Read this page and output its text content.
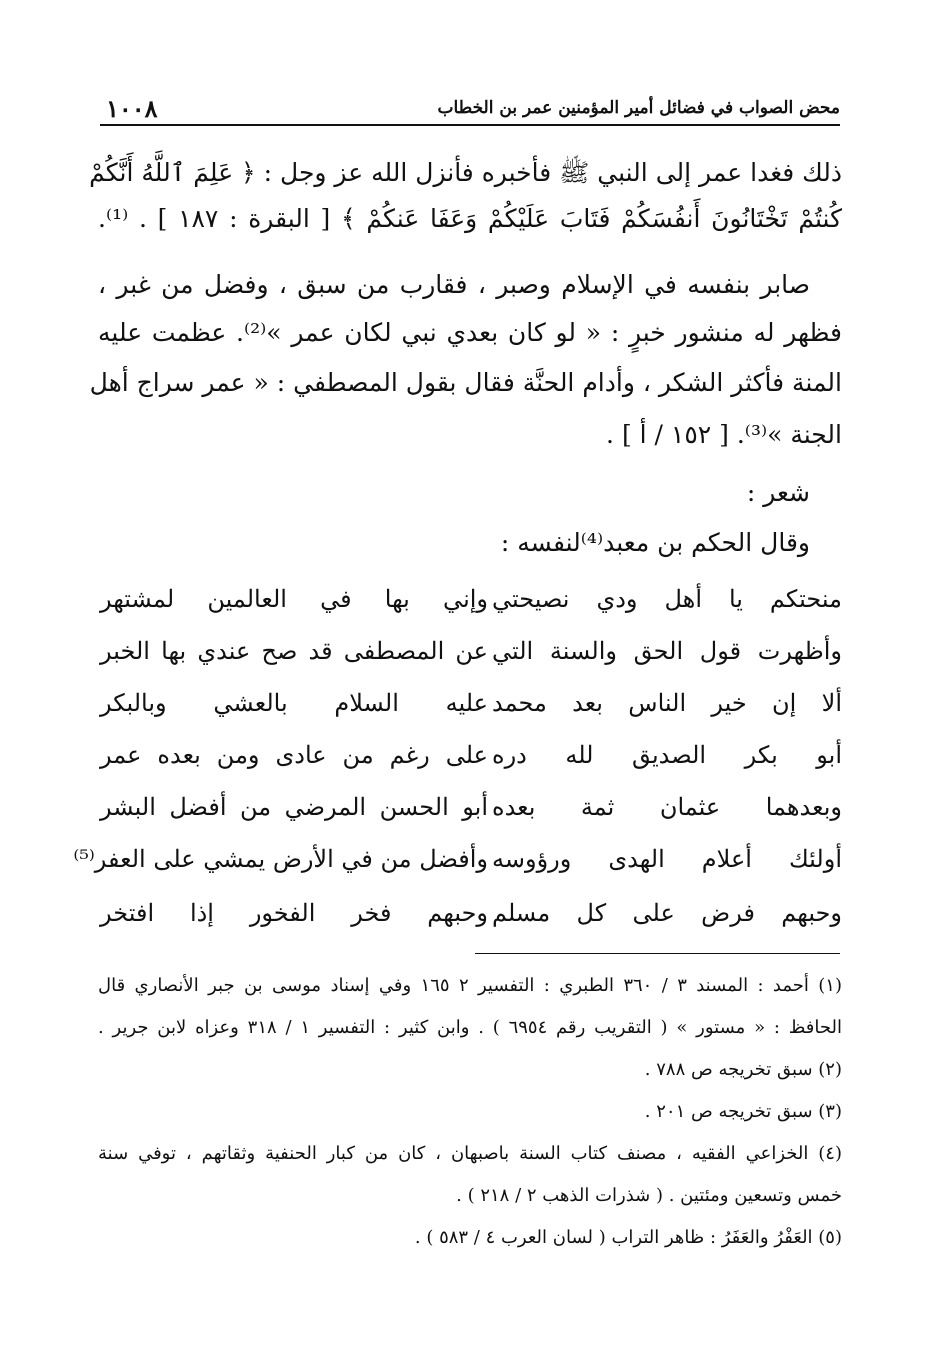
محض الصواب في فضائل أمير المؤمنين عمر بن الخطاب
١٠٠٨
ذلك فغدا عمر إلى النبي ﷺ فأخبره فأنزل الله عز وجل : ﴿ عَلِمَ ٱللَّهُ أَنَّكُمْ
كُنتُمْ تَخْتَانُونَ أَنفُسَكُمْ فَتَابَ عَلَيْكُمْ وَعَفَا عَنكُمْ ﴾ [ البقرة : ١٨٧ ] . ⁽¹⁾.
صابر بنفسه في الإسلام وصبر ، فقارب من سبق ، وفضل من غبر ،
فظهر له منشور خبرٍ : « لو كان بعدي نبي لكان عمر »⁽²⁾. عظمت عليه
المنة فأكثر الشكر ، وأدام الحنَّة فقال بقول المصطفي : « عمر سراج أهل
الجنة »⁽³⁾. [ ١٥٢ / أ ] .
شعر :
وقال الحكم بن معبد⁽⁴⁾لنفسه :
منحتكم يا أهل ودي نصيحتي
وإني بها في العالمين لمشتهر
وأظهرت قول الحق والسنة التي
عن المصطفى قد صح عندي بها الخبر
ألا إن خير الناس بعد محمد
عليه السلام بالعشي وبالبكر
أبو بكر الصديق لله دره
على رغم من عادى ومن بعده عمر
وبعدهما عثمان ثمة بعده
أبو الحسن المرضي من أفضل البشر
أولئك أعلام الهدى ورؤوسه
وأفضل من في الأرض يمشي على العفر⁽⁵⁾
وحبهم فرض على كل مسلم
وحبهم فخر الفخور إذا افتخر
(١) أحمد : المسند ٣ / ٣٦٠ الطبري : التفسير ٢ ١٦٥ وفي إسناد موسى بن جبر الأنصاري قال
الحافظ : « مستور » ( التقريب رقم ٦٩٥٤ ) . وابن كثير : التفسير ١ / ٣١٨ وعزاه لابن جرير .
(٢) سبق تخريجه ص ٧٨٨ .
(٣) سبق تخريجه ص ٢٠١ .
(٤) الخزاعي الفقيه ، مصنف كتاب السنة باصبهان ، كان من كبار الحنفية وثقاتهم ، توفي سنة
خمس وتسعين ومئتين . ( شذرات الذهب ٢ / ٢١٨ ) .
(٥) العَفْرُ والعَفَرُ : ظاهر التراب ( لسان العرب ٤ / ٥٨٣ ) .
